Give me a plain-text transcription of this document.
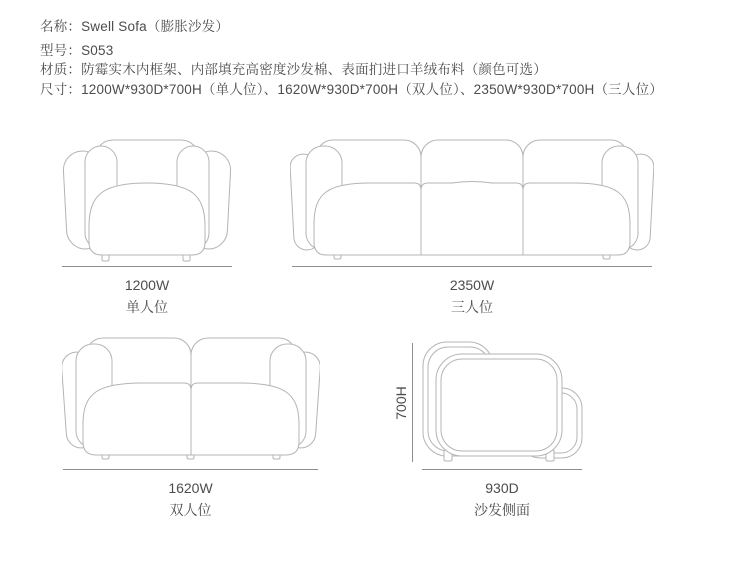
名称：Swell Sofa（膨胀沙发）
型号：S053
材质：防霉实木内框架、内部填充高密度沙发棉、表面扪进口羊绒布料（颜色可选）
尺寸：1200W*930D*700H（单人位）、1620W*930D*700H（双人位）、2350W*930D*700H（三人位）
1200W
单人位
2350W
三人位
1620W
双人位
700H
930D
沙发侧面
